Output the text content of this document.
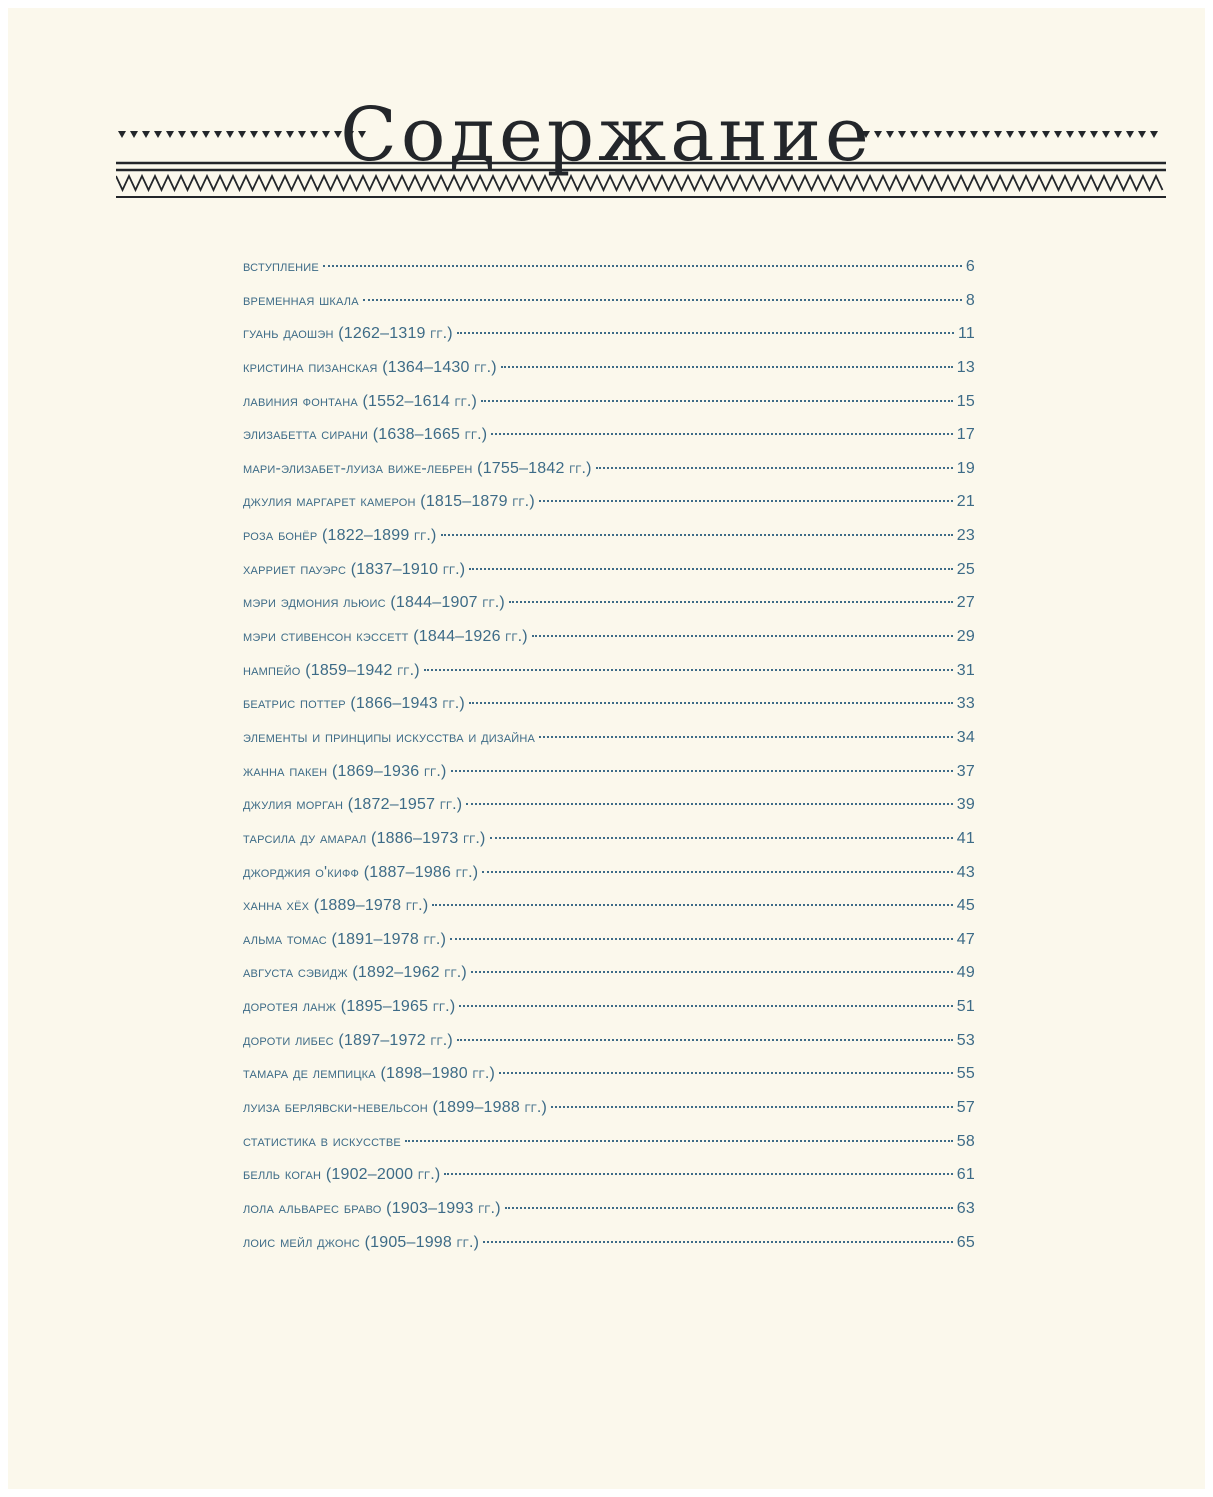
Содержание
вступление	6
временная шкала	8
гуань даошэн (1262–1319 гг.)	11
кристина пизанская (1364–1430 гг.)	13
лавиния фонтана (1552–1614 гг.)	15
элизабетта сирани (1638–1665 гг.)	17
мари-элизабет-луиза виже-лебрен (1755–1842 гг.)	19
джулия маргарет камерон (1815–1879 гг.)	21
роза бонёр (1822–1899 гг.)	23
харриет пауэрс (1837–1910 гг.)	25
мэри эдмония льюис (1844–1907 гг.)	27
мэри стивенсон кэссетт (1844–1926 гг.)	29
нампейо (1859–1942 гг.)	31
беатрис поттер (1866–1943 гг.)	33
элементы и принципы искусства и дизайна	34
жанна пакен (1869–1936 гг.)	37
джулия морган (1872–1957 гг.)	39
тарсила ду амарал (1886–1973 гг.)	41
джорджия о'кифф (1887–1986 гг.)	43
ханна хёх (1889–1978 гг.)	45
альма томас (1891–1978 гг.)	47
августа сэвидж (1892–1962 гг.)	49
доротея ланж (1895–1965 гг.)	51
дороти либес (1897–1972 гг.)	53
тамара де лемпицка (1898–1980 гг.)	55
луиза берлявски-невельсон (1899–1988 гг.)	57
статистика в искусстве	58
белль коган (1902–2000 гг.)	61
лола альварес браво (1903–1993 гг.)	63
лоис мейл джонс (1905–1998 гг.)	65
